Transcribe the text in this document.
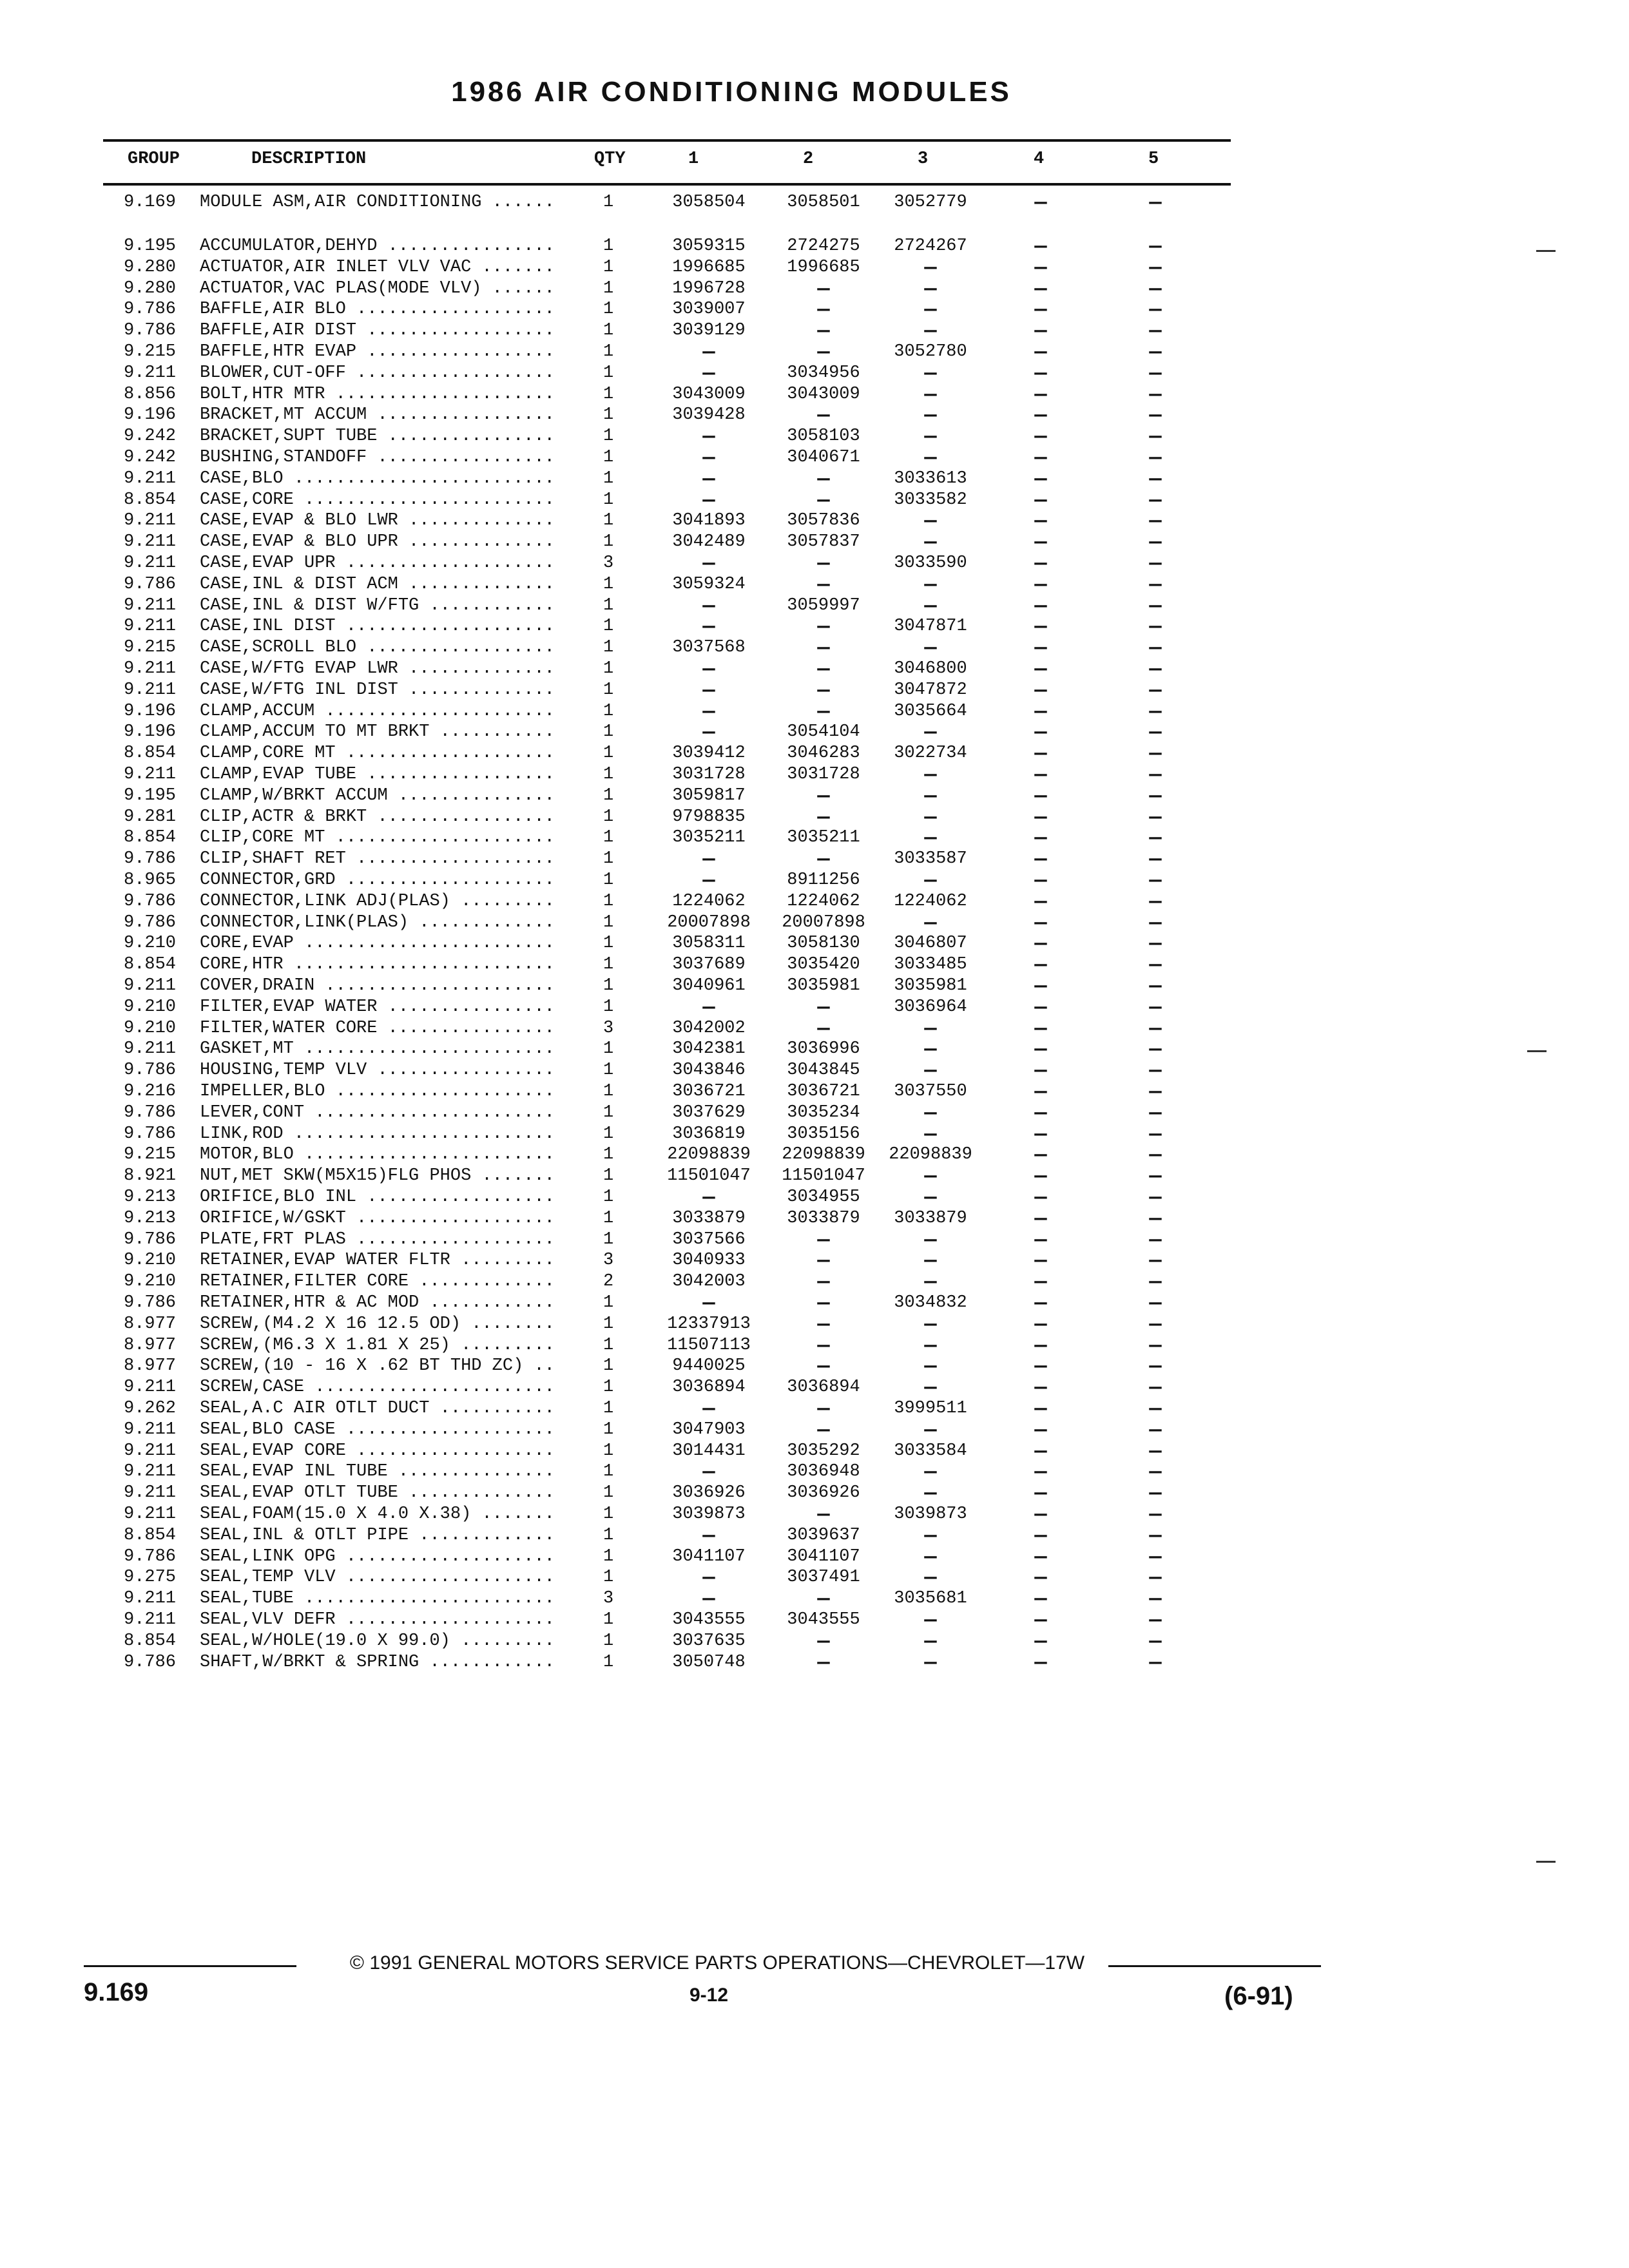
1986 AIR CONDITIONING MODULES
GROUP	DESCRIPTION	QTY	1	2	3	4	5
9.169 MODULE ASM,AIR CONDITIONING ......	1	3058504	3058501	3052779	—	—
9.195 ACCUMULATOR,DEHYD ................	1	3059315	2724275	2724267	—	—
9.280 ACTUATOR,AIR INLET VLV VAC .......	1	1996685	1996685	—	—	—
9.280 ACTUATOR,VAC PLAS(MODE VLV) ......	1	1996728	—	—	—	—
9.786 BAFFLE,AIR BLO ...................	1	3039007	—	—	—	—
9.786 BAFFLE,AIR DIST ..................	1	3039129	—	—	—	—
9.215 BAFFLE,HTR EVAP ..................	1	—	—	3052780	—	—
9.211 BLOWER,CUT-OFF ...................	1	—	3034956	—	—	—
8.856 BOLT,HTR MTR .....................	1	3043009	3043009	—	—	—
9.196 BRACKET,MT ACCUM .................	1	3039428	—	—	—	—
9.242 BRACKET,SUPT TUBE ................	1	—	3058103	—	—	—
9.242 BUSHING,STANDOFF .................	1	—	3040671	—	—	—
9.211 CASE,BLO .........................	1	—	—	3033613	—	—
8.854 CASE,CORE ........................	1	—	—	3033582	—	—
9.211 CASE,EVAP & BLO LWR ..............	1	3041893	3057836	—	—	—
9.211 CASE,EVAP & BLO UPR ..............	1	3042489	3057837	—	—	—
9.211 CASE,EVAP UPR ....................	3	—	—	3033590	—	—
9.786 CASE,INL & DIST ACM ..............	1	3059324	—	—	—	—
9.211 CASE,INL & DIST W/FTG ............	1	—	3059997	—	—	—
9.211 CASE,INL DIST ....................	1	—	—	3047871	—	—
9.215 CASE,SCROLL BLO ..................	1	3037568	—	—	—	—
9.211 CASE,W/FTG EVAP LWR ..............	1	—	—	3046800	—	—
9.211 CASE,W/FTG INL DIST ..............	1	—	—	3047872	—	—
9.196 CLAMP,ACCUM ......................	1	—	—	3035664	—	—
9.196 CLAMP,ACCUM TO MT BRKT ...........	1	—	3054104	—	—	—
8.854 CLAMP,CORE MT ....................	1	3039412	3046283	3022734	—	—
9.211 CLAMP,EVAP TUBE ..................	1	3031728	3031728	—	—	—
9.195 CLAMP,W/BRKT ACCUM ...............	1	3059817	—	—	—	—
9.281 CLIP,ACTR & BRKT .................	1	9798835	—	—	—	—
8.854 CLIP,CORE MT .....................	1	3035211	3035211	—	—	—
9.786 CLIP,SHAFT RET ...................	1	—	—	3033587	—	—
8.965 CONNECTOR,GRD ....................	1	—	8911256	—	—	—
9.786 CONNECTOR,LINK ADJ(PLAS) .........	1	1224062	1224062	1224062	—	—
9.786 CONNECTOR,LINK(PLAS) .............	1	20007898	20007898	—	—	—
9.210 CORE,EVAP ........................	1	3058311	3058130	3046807	—	—
8.854 CORE,HTR .........................	1	3037689	3035420	3033485	—	—
9.211 COVER,DRAIN ......................	1	3040961	3035981	3035981	—	—
9.210 FILTER,EVAP WATER ................	1	—	—	3036964	—	—
9.210 FILTER,WATER CORE ................	3	3042002	—	—	—	—
9.211 GASKET,MT ........................	1	3042381	3036996	—	—	—
9.786 HOUSING,TEMP VLV .................	1	3043846	3043845	—	—	—
9.216 IMPELLER,BLO .....................	1	3036721	3036721	3037550	—	—
9.786 LEVER,CONT .......................	1	3037629	3035234	—	—	—
9.786 LINK,ROD .........................	1	3036819	3035156	—	—	—
9.215 MOTOR,BLO ........................	1	22098839	22098839	22098839	—	—
8.921 NUT,MET SKW(M5X15)FLG PHOS .......	1	11501047	11501047	—	—	—
9.213 ORIFICE,BLO INL ..................	1	—	3034955	—	—	—
9.213 ORIFICE,W/GSKT ...................	1	3033879	3033879	3033879	—	—
9.786 PLATE,FRT PLAS ...................	1	3037566	—	—	—	—
9.210 RETAINER,EVAP WATER FLTR .........	3	3040933	—	—	—	—
9.210 RETAINER,FILTER CORE .............	2	3042003	—	—	—	—
9.786 RETAINER,HTR & AC MOD ............	1	—	—	3034832	—	—
8.977 SCREW,(M4.2 X 16 12.5 OD) ........	1	12337913	—	—	—	—
8.977 SCREW,(M6.3 X 1.81 X 25) .........	1	11507113	—	—	—	—
8.977 SCREW,(10 - 16 X .62 BT THD ZC) ..	1	9440025	—	—	—	—
9.211 SCREW,CASE .......................	1	3036894	3036894	—	—	—
9.262 SEAL,A.C AIR OTLT DUCT ...........	1	—	—	3999511	—	—
9.211 SEAL,BLO CASE ....................	1	3047903	—	—	—	—
9.211 SEAL,EVAP CORE ...................	1	3014431	3035292	3033584	—	—
9.211 SEAL,EVAP INL TUBE ...............	1	—	3036948	—	—	—
9.211 SEAL,EVAP OTLT TUBE ..............	1	3036926	3036926	—	—	—
9.211 SEAL,FOAM(15.0 X 4.0 X.38) .......	1	3039873	—	3039873	—	—
8.854 SEAL,INL & OTLT PIPE .............	1	—	3039637	—	—	—
9.786 SEAL,LINK OPG ....................	1	3041107	3041107	—	—	—
9.275 SEAL,TEMP VLV ....................	1	—	3037491	—	—	—
9.211 SEAL,TUBE ........................	3	—	—	3035681	—	—
9.211 SEAL,VLV DEFR ....................	1	3043555	3043555	—	—	—
8.854 SEAL,W/HOLE(19.0 X 99.0) .........	1	3037635	—	—	—	—
9.786 SHAFT,W/BRKT & SPRING ............	1	3050748	—	—	—	—
© 1991 GENERAL MOTORS SERVICE PARTS OPERATIONS—CHEVROLET—17W
9.169	9-12	(6-91)
